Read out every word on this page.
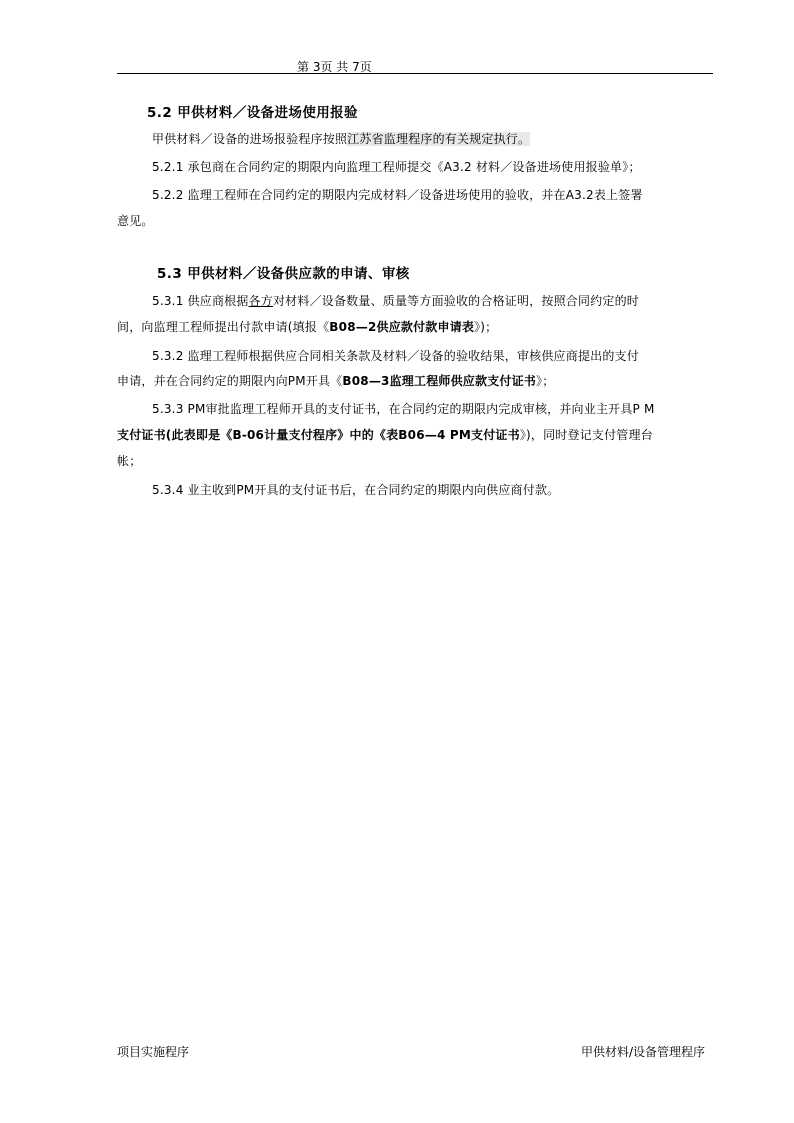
第 3页 共 7页
5.2 甲供材料／设备进场使用报验
甲供材料／设备的进场报验程序按照江苏省监理程序的有关规定执行。
5.2.1 承包商在合同约定的期限内向监理工程师提交《A3.2 材料／设备进场使用报验单》；
5.2.2 监理工程师在合同约定的期限内完成材料／设备进场使用的验收，并在A3.2表上签署
意见。
5.3 甲供材料／设备供应款的申请、审核
5.3.1 供应商根据各方对材料／设备数量、质量等方面验收的合格证明，按照合同约定的时
间，向监理工程师提出付款申请(填报《B08—2供应款付款申请表》)；
5.3.2 监理工程师根据供应合同相关条款及材料／设备的验收结果，审核供应商提出的支付
申请，并在合同约定的期限内向PM开具《B08—3监理工程师供应款支付证书》；
5.3.3 PM审批监理工程师开具的支付证书，在合同约定的期限内完成审核，并向业主开具P M
支付证书(此表即是《B-06计量支付程序》中的《表B06—4 PM支付证书》)，同时登记支付管理台
帐；
5.3.4 业主收到PM开具的支付证书后，在合同约定的期限内向供应商付款。
项目实施程序	甲供材料/设备管理程序
